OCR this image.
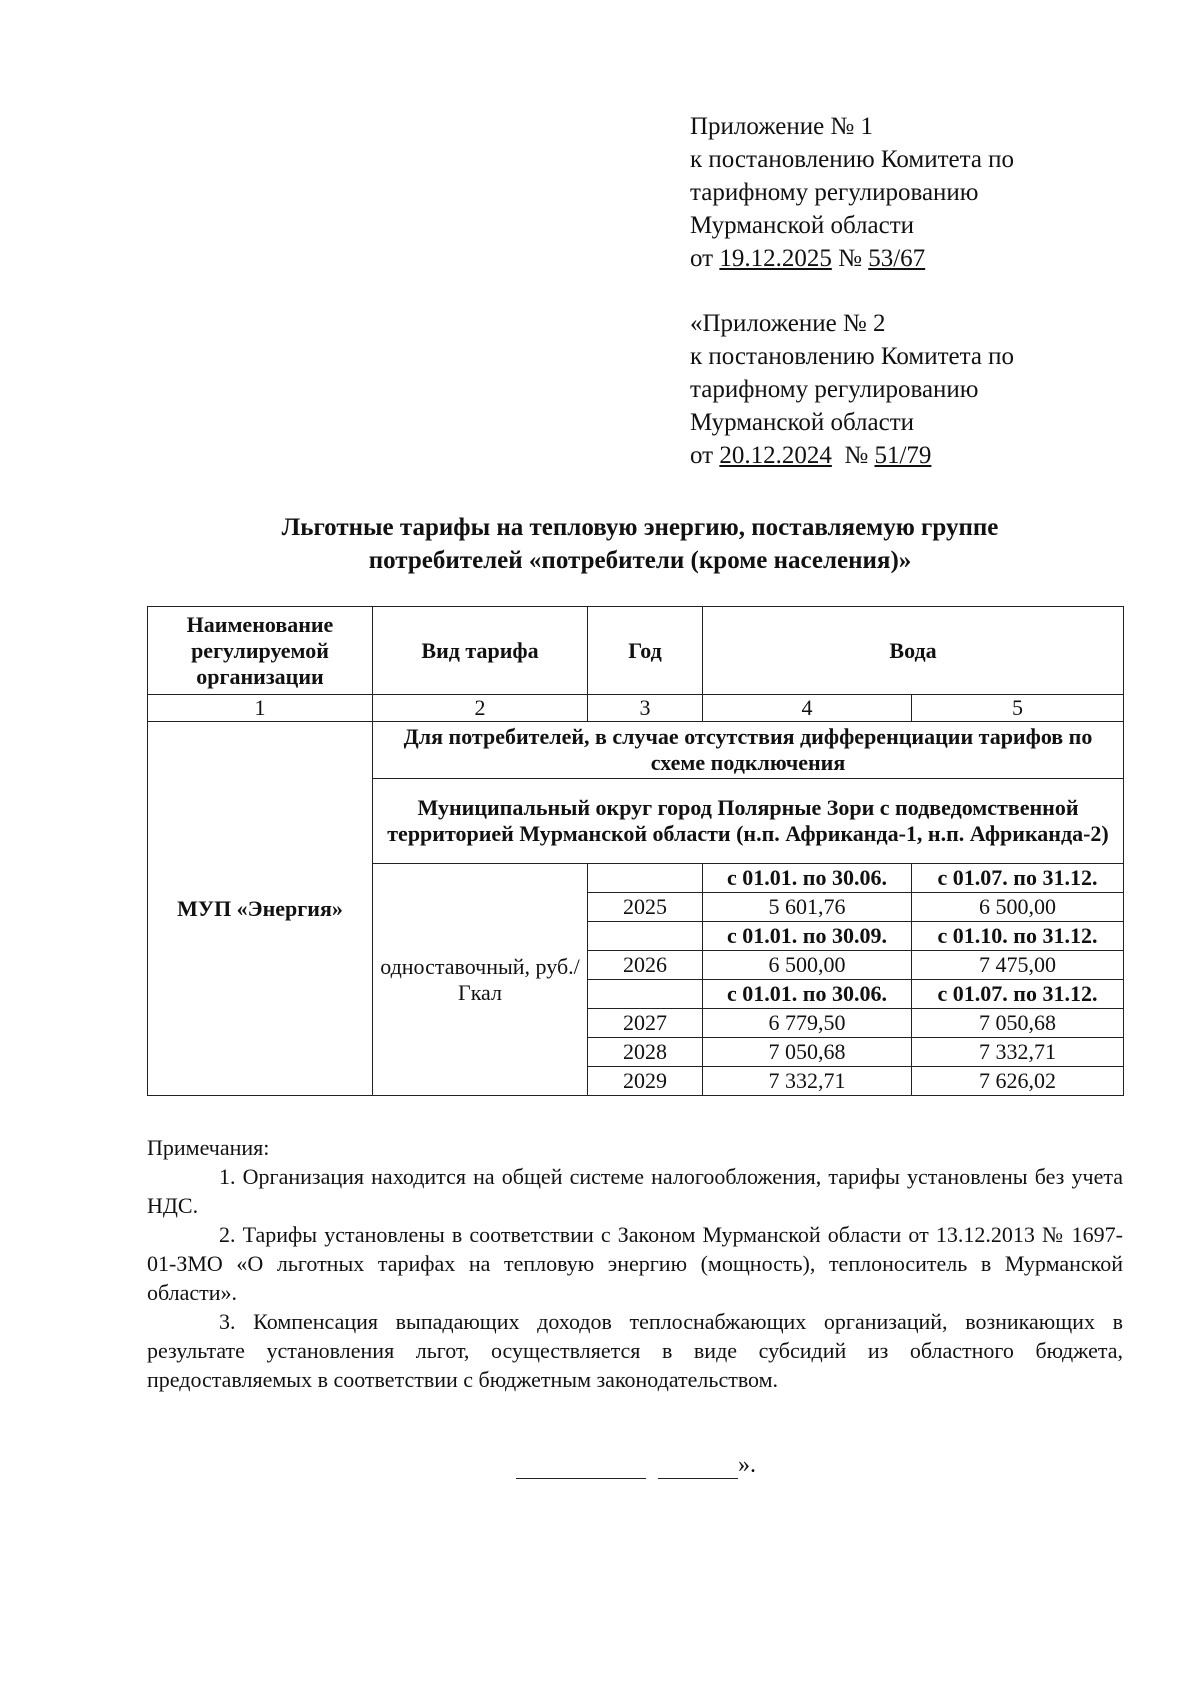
Приложение № 1
к постановлению Комитета по
тарифному регулированию
Мурманской области
от 19.12.2025 № 53/67
«Приложение № 2
к постановлению Комитета по
тарифному регулированию
Мурманской области
от 20.12.2024  № 51/79
Льготные тарифы на тепловую энергию, поставляемую группе
потребителей «потребители (кроме населения)»
Наименование регулируемой организации	Вид тарифа	Год	Вода	
1	2	3	4	5
МУП «Энергия»	Для потребителей, в случае отсутствия дифференциации тарифов по схеме подключения			
	Муниципальный округ город Полярные Зори с подведомственной территорией Мурманской области (н.п. Африканда-1, н.п. Африканда-2)			
	одноставочный, руб./Гкал		с 01.01. по 30.06.	с 01.07. по 31.12.
		2025	5 601,76	6 500,00
			с 01.01. по 30.09.	с 01.10. по 31.12.
		2026	6 500,00	7 475,00
			с 01.01. по 30.06.	с 01.07. по 31.12.
		2027	6 779,50	7 050,68
		2028	7 050,68	7 332,71
		2029	7 332,71	7 626,02
Примечания:
1. Организация находится на общей системе налогообложения, тарифы установлены без учета НДС.
2. Тарифы установлены в соответствии с Законом Мурманской области от 13.12.2013 № 1697-01-ЗМО «О льготных тарифах на тепловую энергию (мощность), теплоноситель в Мурманской области».
3. Компенсация выпадающих доходов теплоснабжающих организаций, возникающих в результате установления льгот, осуществляется в виде субсидий из областного бюджета, предоставляемых в соответствии с бюджетным законодательством.
».
